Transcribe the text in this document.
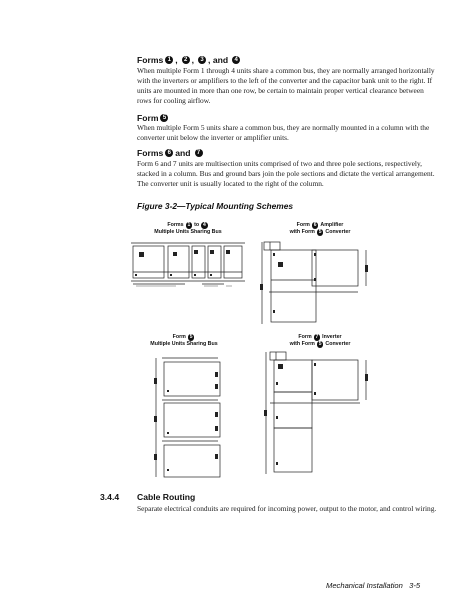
Forms 1 ,	2 ,	3 , and	4
When multiple Form 1 through 4 units share a common bus, they are normally arranged horizontally with the inverters or amplifiers to the left of the converter and the capacitor bank unit to the right. If units are mounted in more than one row, be certain to maintain proper vertical clearance between rows for cooling airflow.
Form 5
When multiple Form 5 units share a common bus, they are normally mounted in a column with the converter unit below the inverter or amplifier units.
Forms 6 and	7
Form 6 and 7 units are multisection units comprised of two and three pole sections, respectively, stacked in a column. Bus and ground bars join the pole sections and dictate the vertical arrangement. The converter unit is usually located to the right of the column.
Figure 3-2—Typical Mounting Schemes
Forms 1 to 4
Multiple Units Sharing Bus
Form 6 Amplifier
with Form 5 Converter
Form 5
Multiple Units Sharing Bus
Form 7 Inverter
with Form 5 Converter
3.4.4 Cable Routing
Separate electrical conduits are required for incoming power, output to the motor, and control wiring.
Mechanical Installation 3-5
